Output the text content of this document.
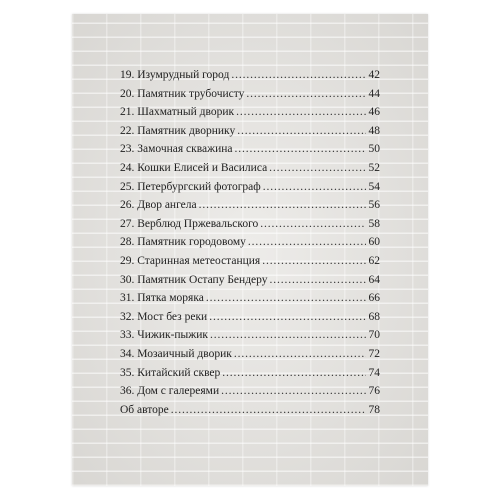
19. Изумрудный город . . .	42
20. Памятник трубочисту . . .	44
21. Шахматный дворик . . .	46
22. Памятник дворнику . . .	48
23. Замочная скважина . . .	50
24. Кошки Елисей и Василиса . . .	52
25. Петербургский фотограф . . .	54
26. Двор ангела . . .	56
27. Верблюд Пржевальского . . .	58
28. Памятник городовому . . .	60
29. Старинная метеостанция . . .	62
30. Памятник Остапу Бендеру . . .	64
31. Пятка моряка . . .	66
32. Мост без реки . . .	68
33. Чижик-пыжик . . .	70
34. Мозаичный дворик . . .	72
35. Китайский сквер . . .	74
36. Дом с галереями . . .	76
Об авторе . . .	78
